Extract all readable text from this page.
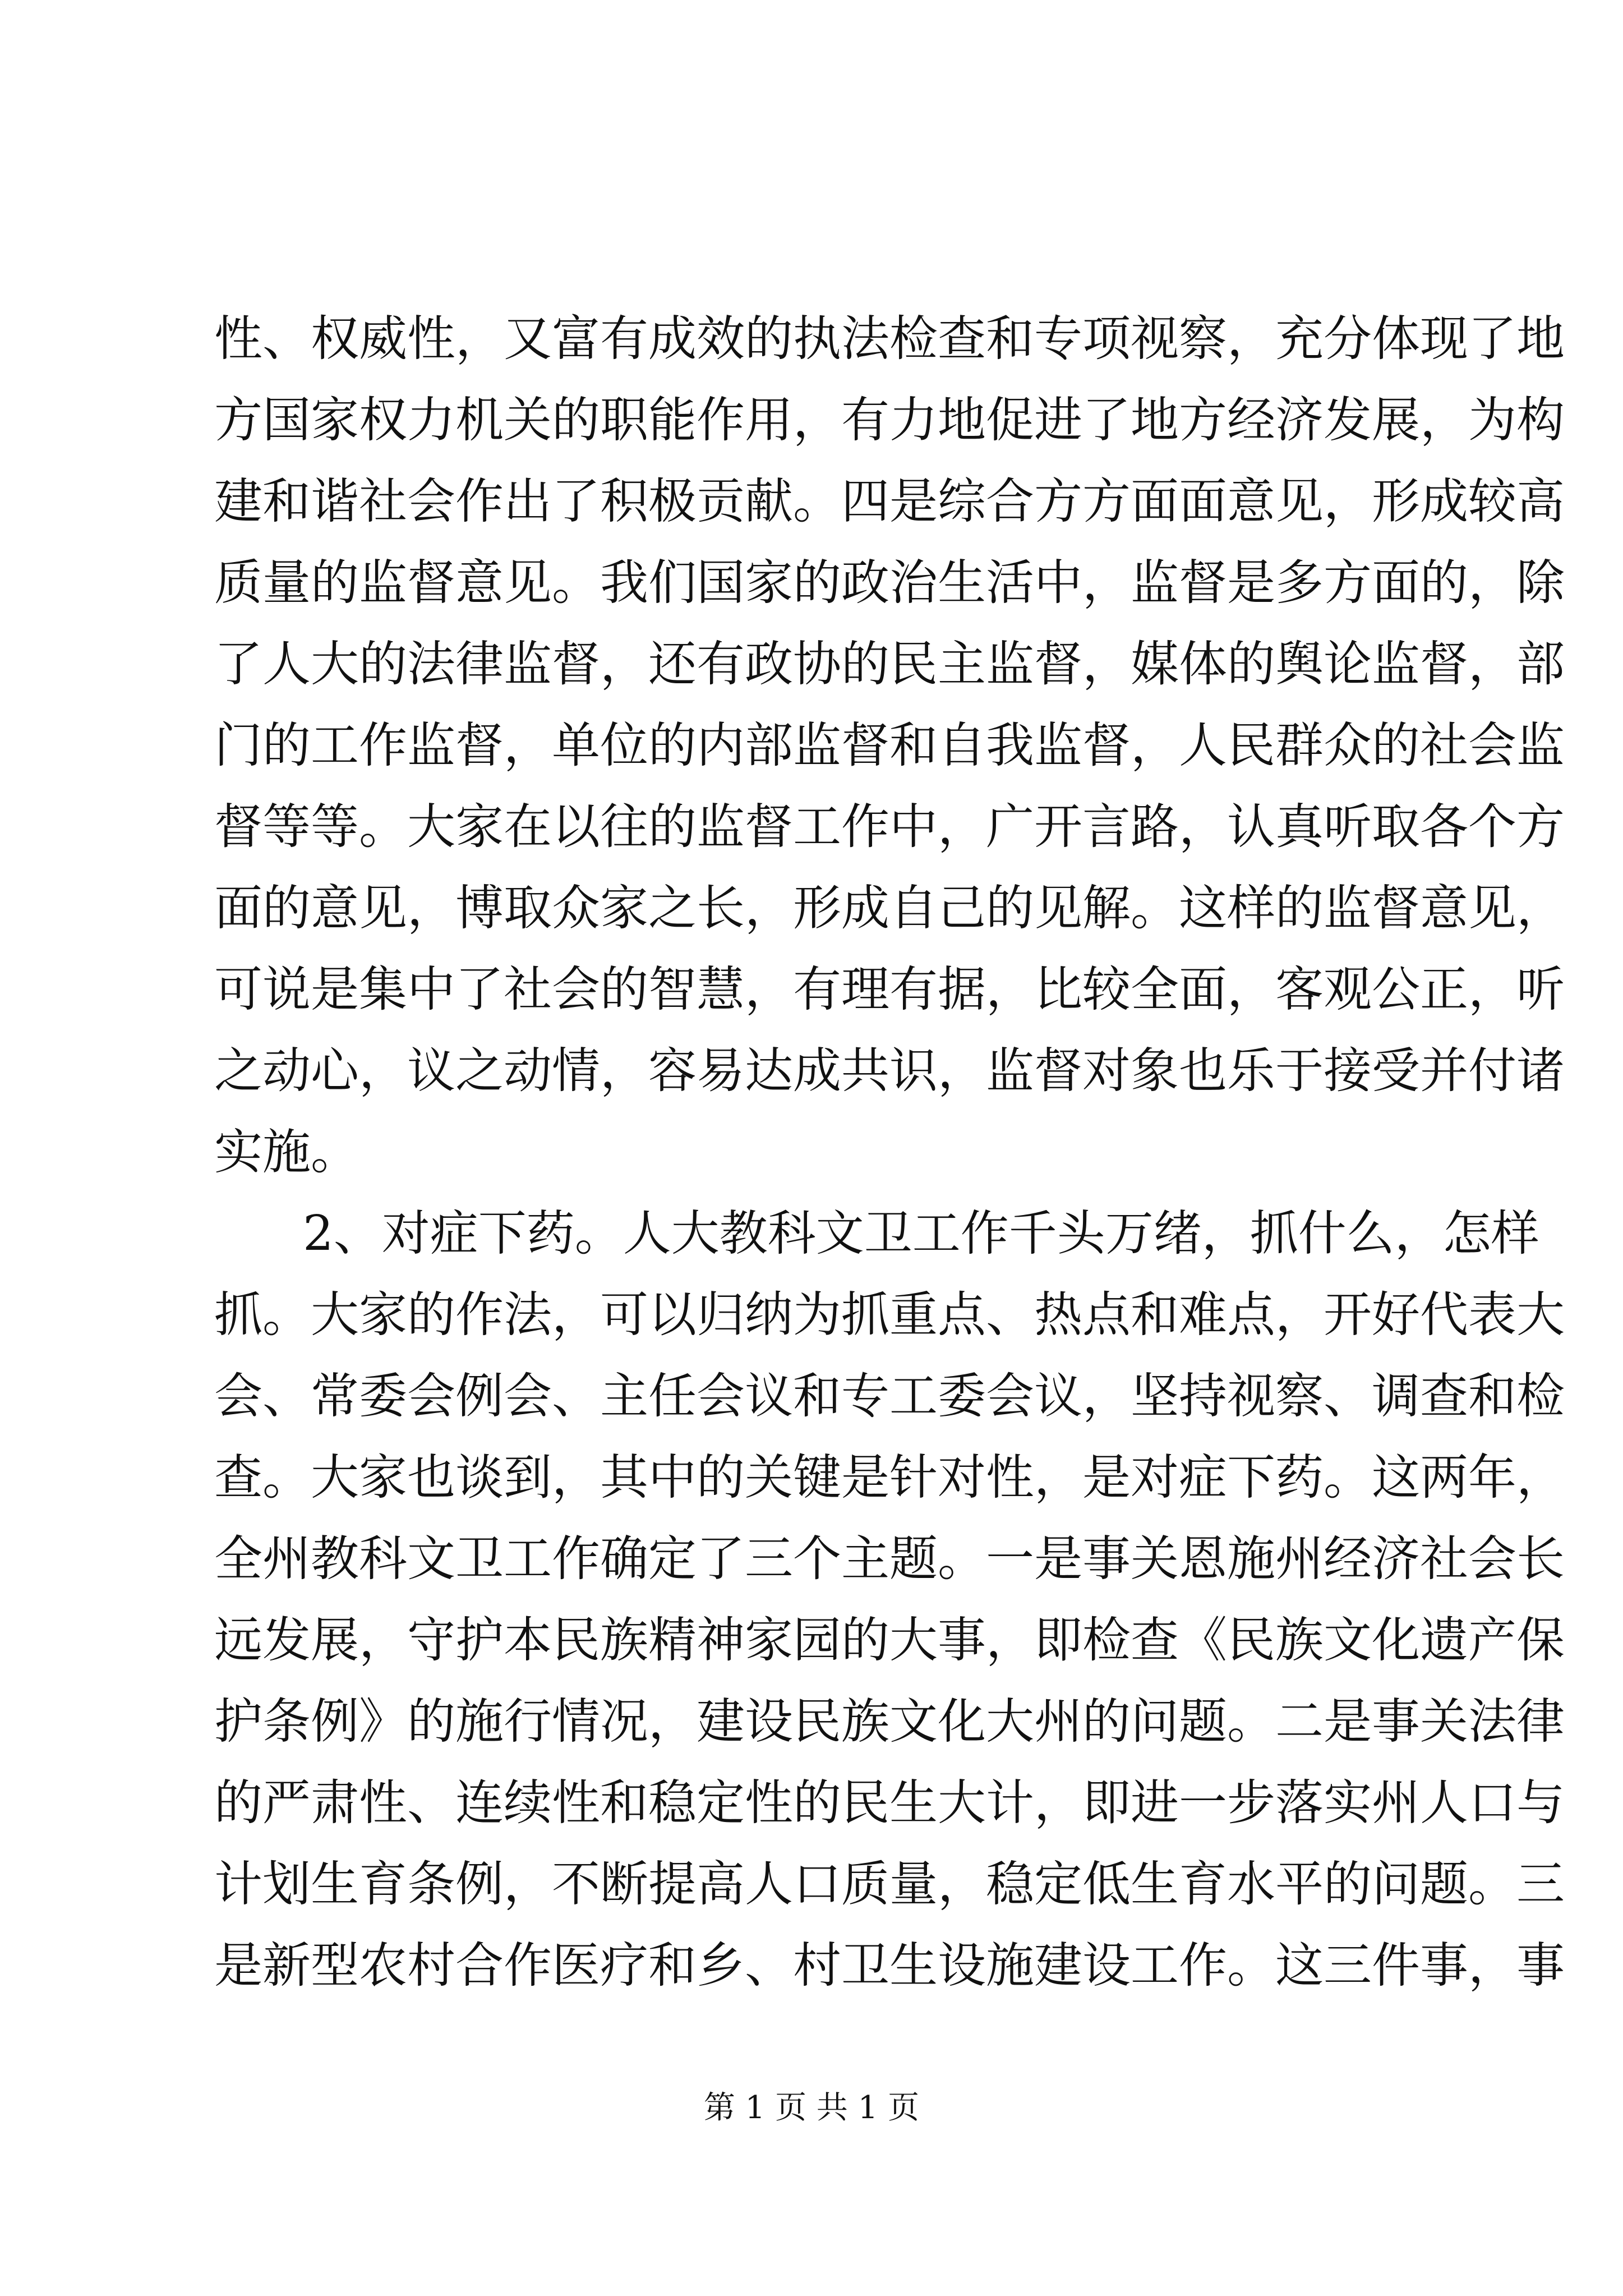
性、权威性，又富有成效的执法检查和专项视察，充分体现了地
方国家权力机关的职能作用，有力地促进了地方经济发展，为构
建和谐社会作出了积极贡献。四是综合方方面面意见，形成较高
质量的监督意见。我们国家的政治生活中，监督是多方面的，除
了人大的法律监督，还有政协的民主监督，媒体的舆论监督，部
门的工作监督，单位的内部监督和自我监督，人民群众的社会监
督等等。大家在以往的监督工作中，广开言路，认真听取各个方
面的意见，博取众家之长，形成自己的见解。这样的监督意见，
可说是集中了社会的智慧，有理有据，比较全面，客观公正，听
之动心，议之动情，容易达成共识，监督对象也乐于接受并付诸
实施。
2、对症下药。人大教科文卫工作千头万绪，抓什么，怎样
抓。大家的作法，可以归纳为抓重点、热点和难点，开好代表大
会、常委会例会、主任会议和专工委会议，坚持视察、调查和检
查。大家也谈到，其中的关键是针对性，是对症下药。这两年，
全州教科文卫工作确定了三个主题。一是事关恩施州经济社会长
远发展，守护本民族精神家园的大事，即检查《民族文化遗产保
护条例》的施行情况，建设民族文化大州的问题。二是事关法律
的严肃性、连续性和稳定性的民生大计，即进一步落实州人口与
计划生育条例，不断提高人口质量，稳定低生育水平的问题。三
是新型农村合作医疗和乡、村卫生设施建设工作。这三件事，事
第 1 页 共 1 页
